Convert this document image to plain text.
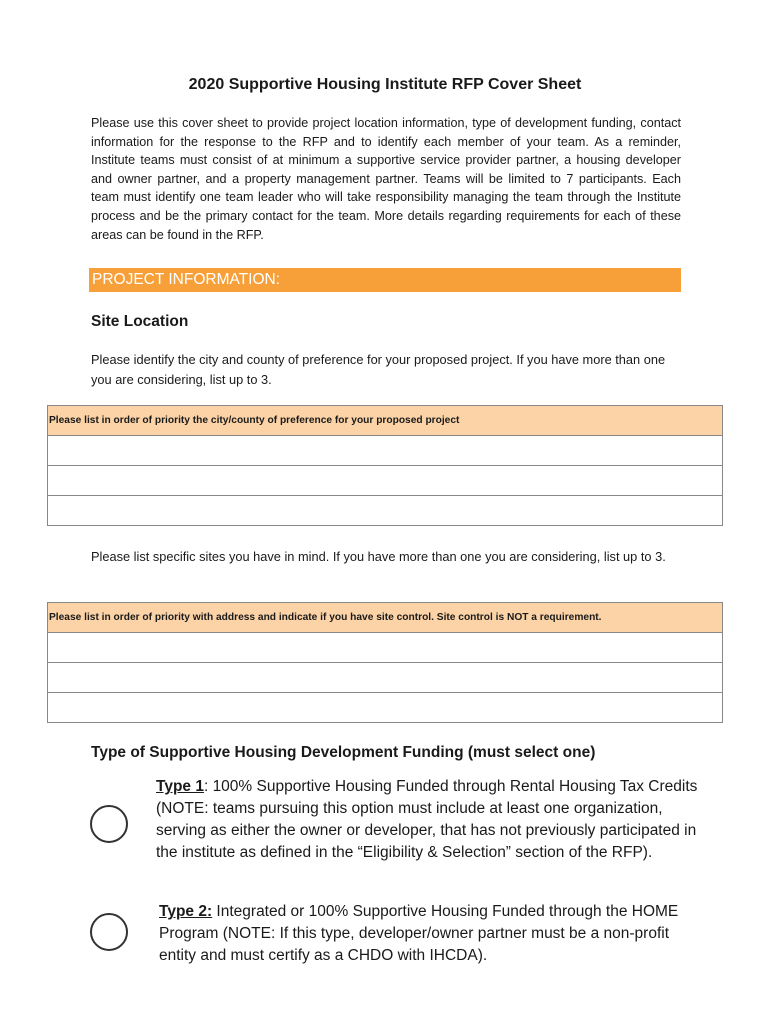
2020 Supportive Housing Institute RFP Cover Sheet
Please use this cover sheet to provide project location information, type of development funding, contact information for the response to the RFP and to identify each member of your team. As a reminder, Institute teams must consist of at minimum a supportive service provider partner, a housing developer and owner partner, and a property management partner. Teams will be limited to 7 participants. Each team must identify one team leader who will take responsibility managing the team through the Institute process and be the primary contact for the team. More details regarding requirements for each of these areas can be found in the RFP.
PROJECT INFORMATION:
Site Location
Please identify the city and county of preference for your proposed project. If you have more than one you are considering, list up to 3.
Please list in order of priority the city/county of preference for your proposed project

Please list specific sites you have in mind. If you have more than one you are considering, list up to 3.
Please list in order of priority with address and indicate if you have site control. Site control is NOT a requirement.

Type of Supportive Housing Development Funding (must select one)
Type 1: 100% Supportive Housing Funded through Rental Housing Tax Credits (NOTE: teams pursuing this option must include at least one organization, serving as either the owner or developer, that has not previously participated in the institute as defined in the “Eligibility & Selection” section of the RFP).
Type 2: Integrated or 100% Supportive Housing Funded through the HOME Program (NOTE: If this type, developer/owner partner must be a non-profit entity and must certify as a CHDO with IHCDA).
